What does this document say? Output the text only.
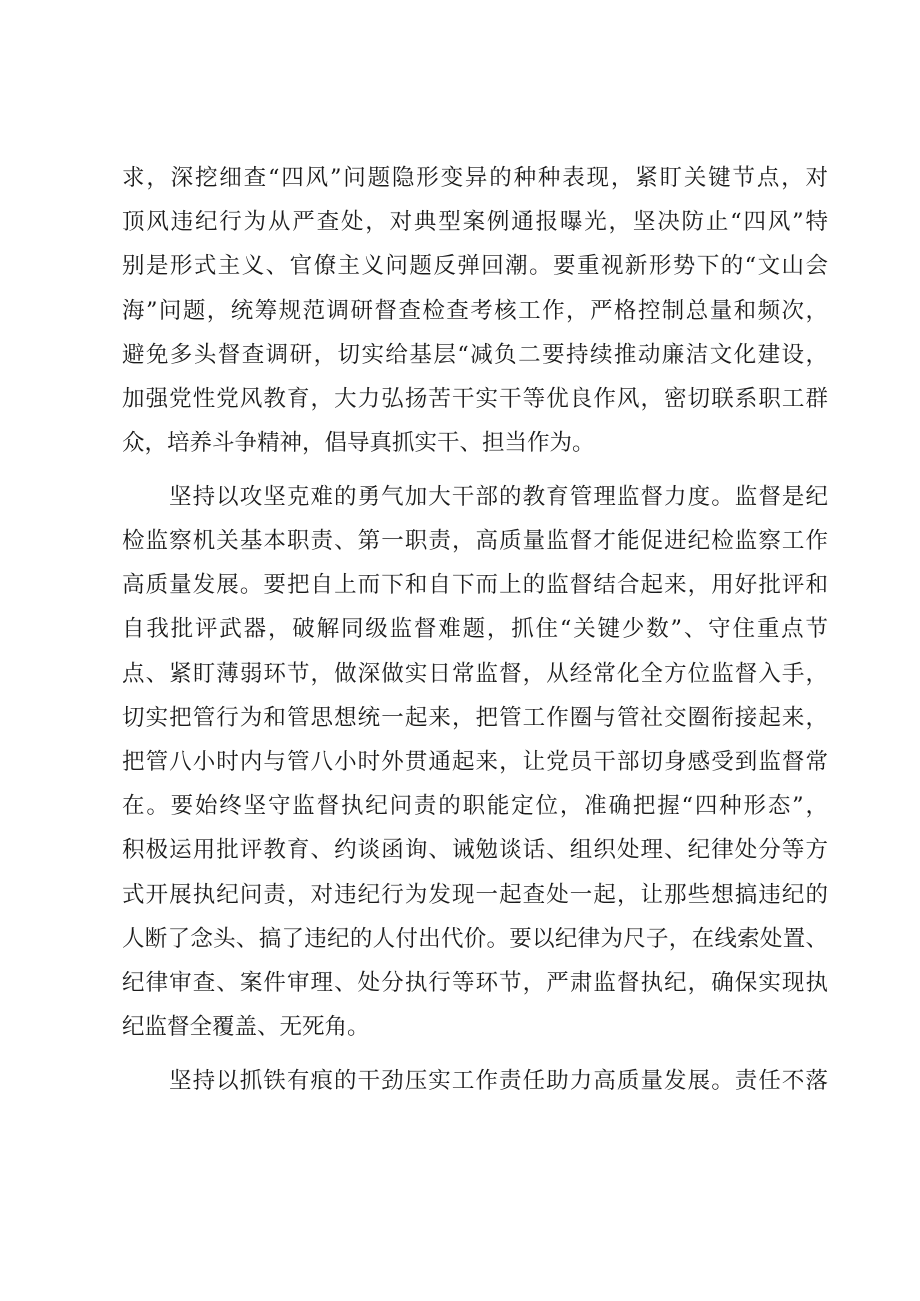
求，深挖细查“四风”问题隐形变异的种种表现，紧盯关键节点，对
顶风违纪行为从严查处，对典型案例通报曝光，坚决防止“四风”特
别是形式主义、官僚主义问题反弹回潮。要重视新形势下的“文山会
海”问题，统筹规范调研督查检查考核工作，严格控制总量和频次，
避免多头督查调研，切实给基层“减负二要持续推动廉洁文化建设，
加强党性党风教育，大力弘扬苦干实干等优良作风，密切联系职工群
众，培养斗争精神，倡导真抓实干、担当作为。
坚持以攻坚克难的勇气加大干部的教育管理监督力度。监督是纪
检监察机关基本职责、第一职责，高质量监督才能促进纪检监察工作
高质量发展。要把自上而下和自下而上的监督结合起来，用好批评和
自我批评武器，破解同级监督难题，抓住“关键少数”、守住重点节
点、紧盯薄弱环节，做深做实日常监督，从经常化全方位监督入手，
切实把管行为和管思想统一起来，把管工作圈与管社交圈衔接起来，
把管八小时内与管八小时外贯通起来，让党员干部切身感受到监督常
在。要始终坚守监督执纪问责的职能定位，准确把握“四种形态”，
积极运用批评教育、约谈函询、诫勉谈话、组织处理、纪律处分等方
式开展执纪问责，对违纪行为发现一起查处一起，让那些想搞违纪的
人断了念头、搞了违纪的人付出代价。要以纪律为尺子，在线索处置、
纪律审查、案件审理、处分执行等环节，严肃监督执纪，确保实现执
纪监督全覆盖、无死角。
坚持以抓铁有痕的干劲压实工作责任助力高质量发展。责任不落
